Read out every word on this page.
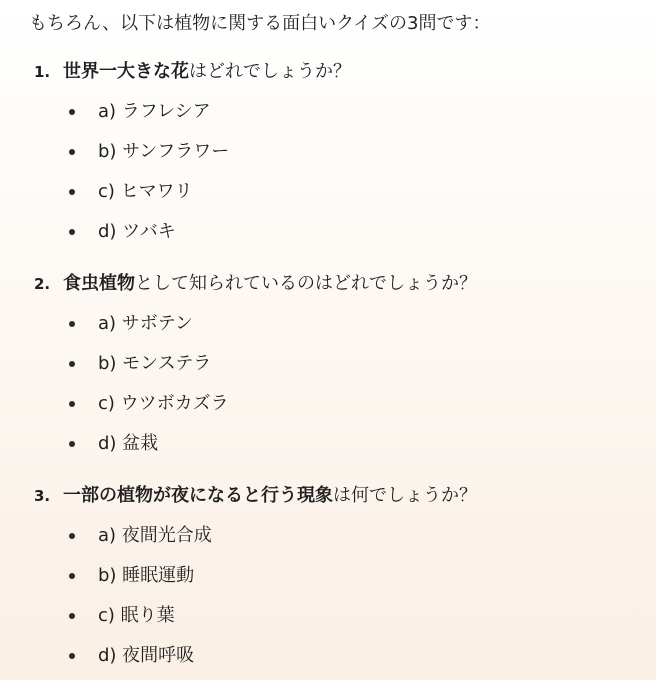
もちろん、以下は植物に関する面白いクイズの3問です：
1. 世界一大きな花はどれでしょうか？
a) ラフレシア
b) サンフラワー
c) ヒマワリ
d) ツバキ
2. 食虫植物として知られているのはどれでしょうか？
a) サボテン
b) モンステラ
c) ウツボカズラ
d) 盆栽
3. 一部の植物が夜になると行う現象は何でしょうか？
a) 夜間光合成
b) 睡眠運動
c) 眠り葉
d) 夜間呼吸
